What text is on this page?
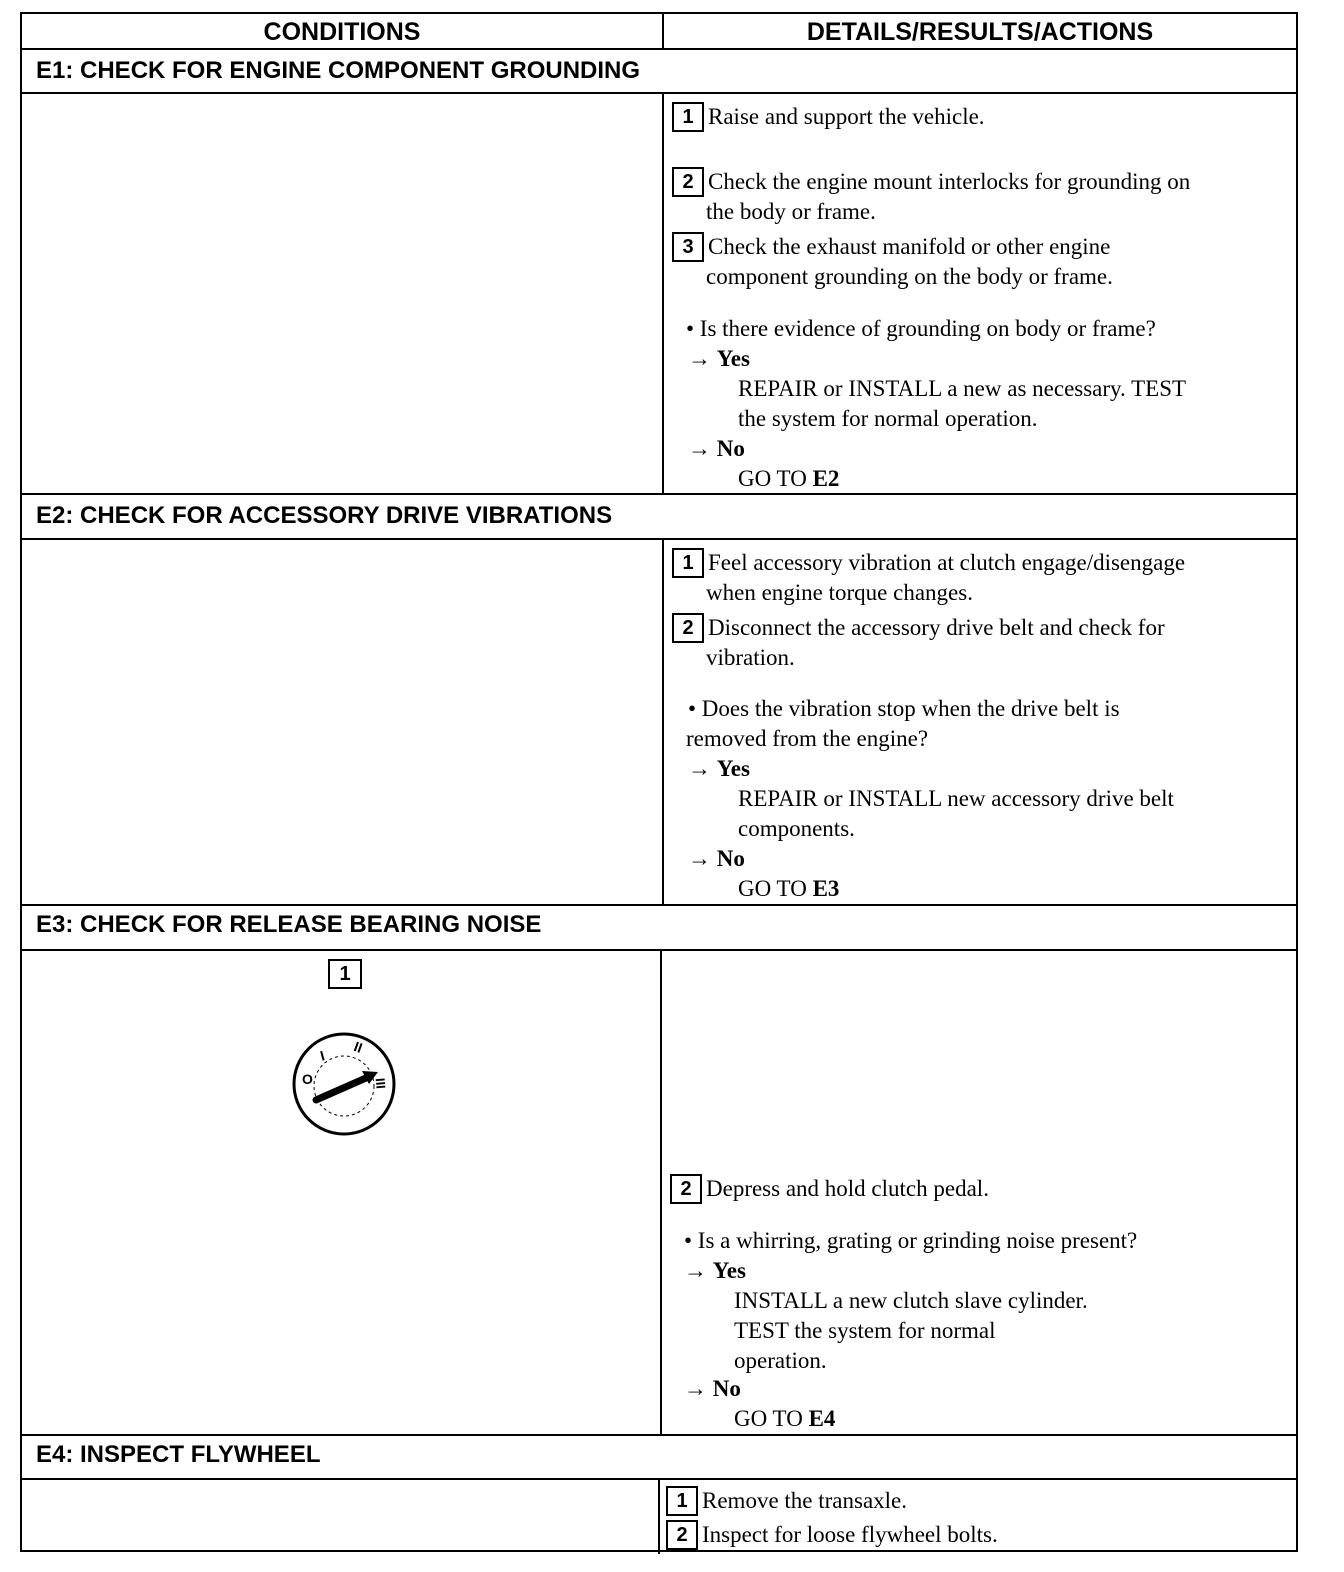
CONDITIONS	DETAILS/RESULTS/ACTIONS
E1: CHECK FOR ENGINE COMPONENT GROUNDING
1 Raise and support the vehicle.
2 Check the engine mount interlocks for grounding on
the body or frame.
3 Check the exhaust manifold or other engine
component grounding on the body or frame.
• Is there evidence of grounding on body or frame?
→ Yes
REPAIR or INSTALL a new as necessary. TEST
the system for normal operation.
→ No
GO TO E2
E2: CHECK FOR ACCESSORY DRIVE VIBRATIONS
1 Feel accessory vibration at clutch engage/disengage
when engine torque changes.
2 Disconnect the accessory drive belt and check for
vibration.
• Does the vibration stop when the drive belt is
removed from the engine?
→ Yes
REPAIR or INSTALL new accessory drive belt
components.
→ No
GO TO E3
E3: CHECK FOR RELEASE BEARING NOISE
1
O
I II
III
2 Depress and hold clutch pedal.
• Is a whirring, grating or grinding noise present?
→ Yes
INSTALL a new clutch slave cylinder.
TEST the system for normal
operation.
→ No
GO TO E4
E4: INSPECT FLYWHEEL
1 Remove the transaxle.
2 Inspect for loose flywheel bolts.
